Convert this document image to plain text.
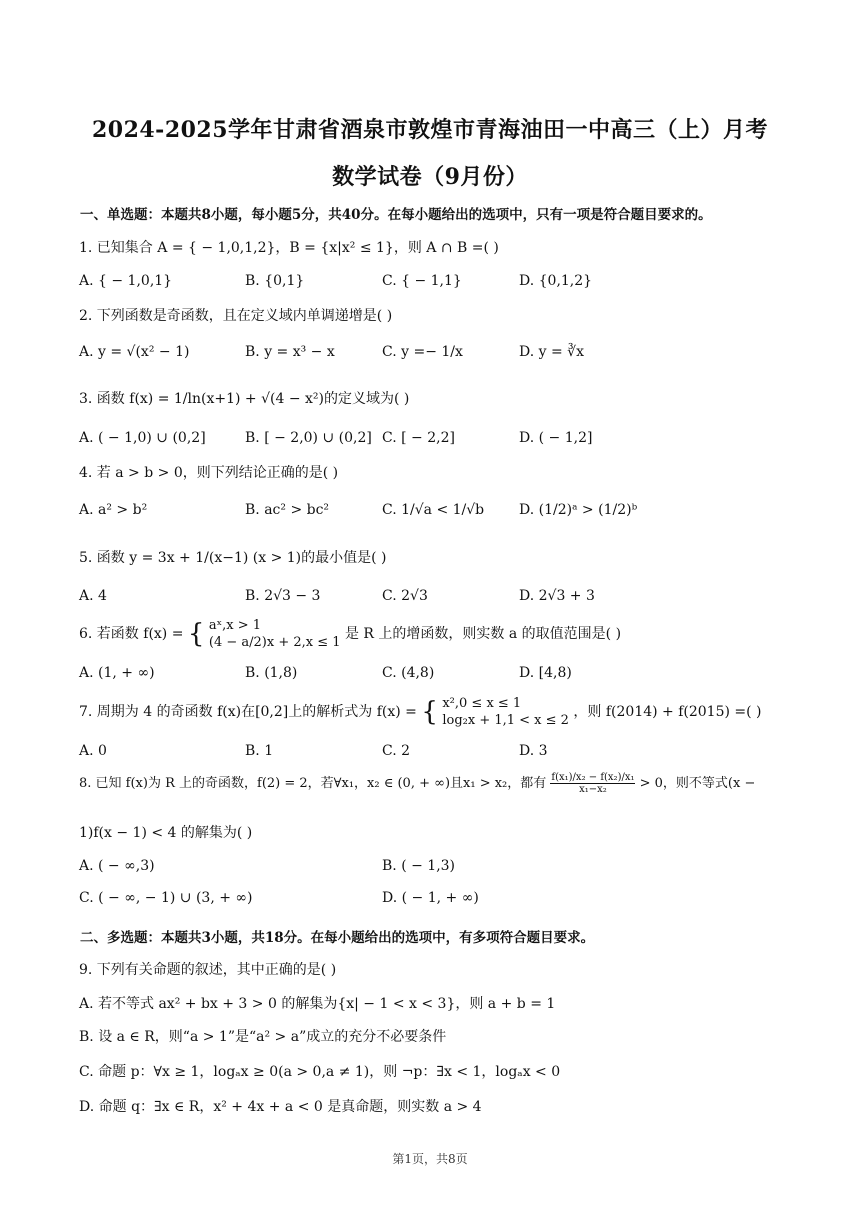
2024-2025学年甘肃省酒泉市敦煌市青海油田一中高三（上）月考
数学试卷（9月份）
一、单选题：本题共8小题，每小题5分，共40分。在每小题给出的选项中，只有一项是符合题目要求的。
1. 已知集合 A = { − 1,0,1,2}，B = {x|x² ≤ 1}，则 A ∩ B =( )
A. { − 1,0,1}	B. {0,1}	C. { − 1,1}	D. {0,1,2}
2. 下列函数是奇函数，且在定义域内单调递增是( )
A. y = √(x² − 1)	B. y = x³ − x	C. y =− 1/x	D. y = ∛x
3. 函数 f(x) = 1/ln(x+1) + √(4 − x²)的定义域为( )
A. ( − 1,0) ∪ (0,2]	B. [ − 2,0) ∪ (0,2] C. [ − 2,2]	D. ( − 1,2]
4. 若 a > b > 0，则下列结论正确的是( )
A. a² > b²	B. ac² > bc²	C. 1/√a < 1/√b D. (1/2)ᵃ > (1/2)ᵇ
5. 函数 y = 3x + 1/(x−1) (x > 1)的最小值是( )
A. 4	B. 2√3 − 3	C. 2√3	D. 2√3 + 3
6. 若函数 f(x) = { aˣ,x > 1
(4 − a/2)x + 2,x ≤ 1
是 R 上的增函数，则实数 a 的取值范围是( )
A. (1, + ∞)	B. (1,8)	C. (4,8)	D. [4,8)
7. 周期为 4 的奇函数 f(x)在[0,2]上的解析式为 f(x) = { x²,0 ≤ x ≤ 1
log₂x + 1,1 < x ≤ 2
，则 f(2014) + f(2015) =( )
A. 0	B. 1	C. 2	D. 3
8. 已知 f(x)为 R 上的奇函数，f(2) = 2，若∀x₁，x₂ ∈ (0, + ∞)且x₁ > x₂，都有 $\frac{\text{f(x₁)/x₂ − f(x₂)/x₁}}{\text{x₁−x₂}} > 0$，则不等式(x −
1)f(x − 1) < 4 的解集为( )
A. ( − ∞,3)	B. ( − 1,3)
C. ( − ∞, − 1) ∪ (3, + ∞)	D. ( − 1, + ∞)
二、多选题：本题共3小题，共18分。在每小题给出的选项中，有多项符合题目要求。
9. 下列有关命题的叙述，其中正确的是( )
A. 若不等式 ax² + bx + 3 > 0 的解集为{x| − 1 < x < 3}，则 a + b = 1
B. 设 a ∈ R，则“a > 1”是“a² > a”成立的充分不必要条件
C. 命题 p：∀x ≥ 1，logₐx ≥ 0(a > 0,a ≠ 1)，则 ¬p：∃x < 1，logₐx < 0
D. 命题 q：∃x ∈ R，x² + 4x + a < 0 是真命题，则实数 a > 4
第1页，共8页
